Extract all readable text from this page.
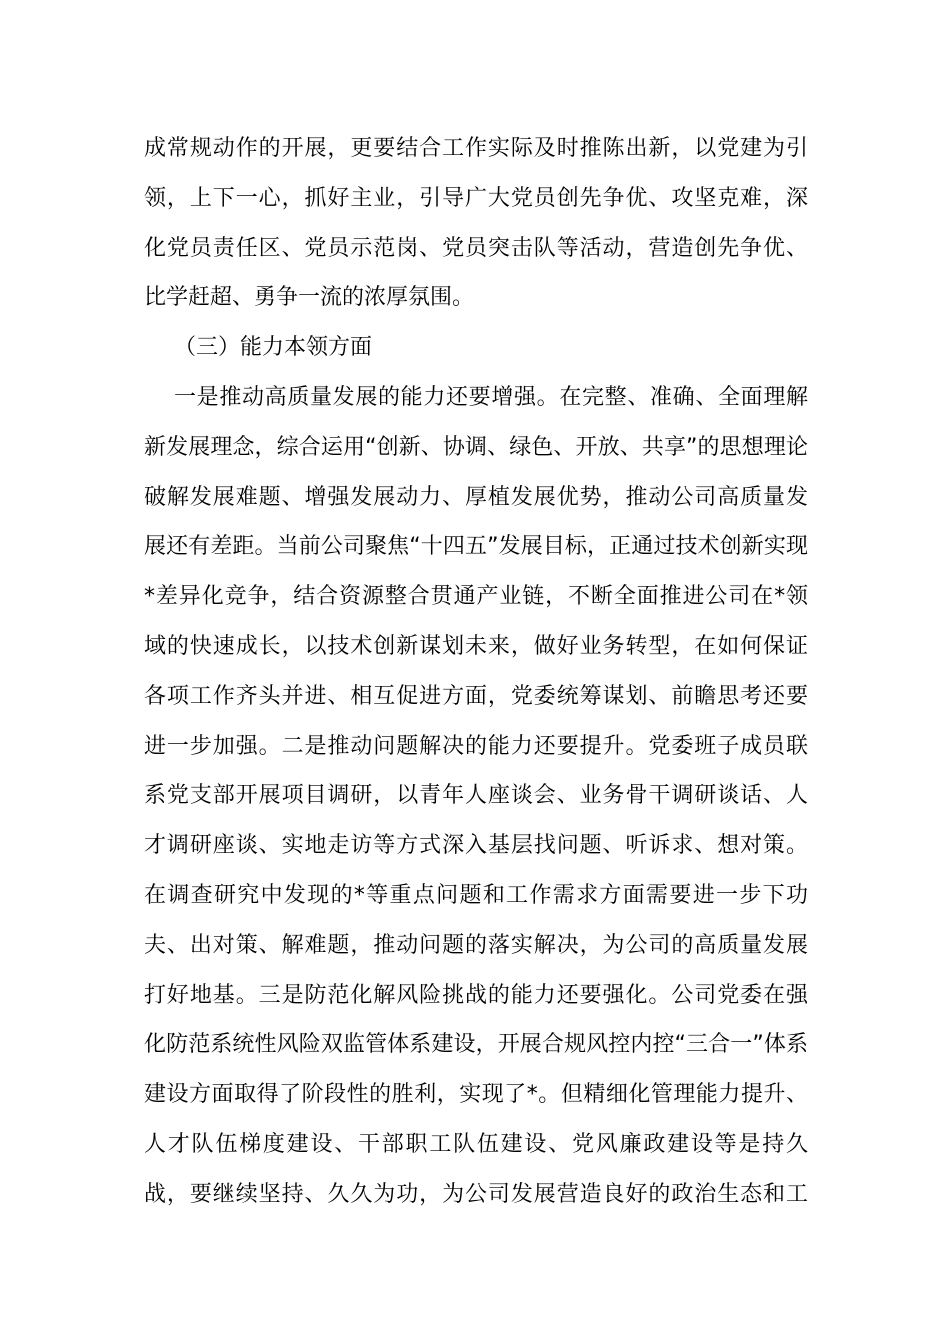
成常规动作的开展，更要结合工作实际及时推陈出新，以党建为引
领，上下一心，抓好主业，引导广大党员创先争优、攻坚克难，深
化党员责任区、党员示范岗、党员突击队等活动，营造创先争优、
比学赶超、勇争一流的浓厚氛围。
（三）能力本领方面
一是推动高质量发展的能力还要增强。在完整、准确、全面理解
新发展理念，综合运用“创新、协调、绿色、开放、共享”的思想理论
破解发展难题、增强发展动力、厚植发展优势，推动公司高质量发
展还有差距。当前公司聚焦“十四五”发展目标，正通过技术创新实现
*差异化竞争，结合资源整合贯通产业链，不断全面推进公司在*领
域的快速成长，以技术创新谋划未来，做好业务转型，在如何保证
各项工作齐头并进、相互促进方面，党委统筹谋划、前瞻思考还要
进一步加强。二是推动问题解决的能力还要提升。党委班子成员联
系党支部开展项目调研，以青年人座谈会、业务骨干调研谈话、人
才调研座谈、实地走访等方式深入基层找问题、听诉求、想对策。
在调查研究中发现的*等重点问题和工作需求方面需要进一步下功
夫、出对策、解难题，推动问题的落实解决，为公司的高质量发展
打好地基。三是防范化解风险挑战的能力还要强化。公司党委在强
化防范系统性风险双监管体系建设，开展合规风控内控“三合一”体系
建设方面取得了阶段性的胜利，实现了*。但精细化管理能力提升、
人才队伍梯度建设、干部职工队伍建设、党风廉政建设等是持久
战，要继续坚持、久久为功，为公司发展营造良好的政治生态和工
